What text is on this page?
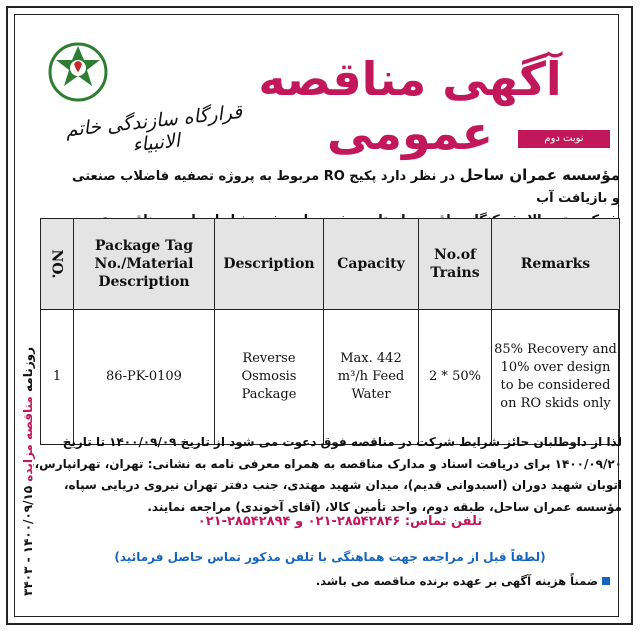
قرارگاه سازندگی خاتم الانبیاء
آگهی مناقصه عمومی	نوبت دوم
مؤسسه عمران ساحل در نظر دارد پکیج RO مربوط به پروژه تصفیه فاضلاب صنعتی و بازیافت آب

NO.	Package Tag No./Material Description	Description	Capacity	No.of Trains	Remarks
1	86-PK-0109	Reverse Osmosis Package	Max. 442 m³/h Feed Water	2 * 50%	85% Recovery and 10% over design to be considered on RO skids only
لذا از داوطلبان حائز شرایط شرکت در مناقصه فوق دعوت می شود از تاریخ ۱۴۰۰/۰۹/۰۹ تا تاریخ ۱۴۰۰/۰۹/۲۰ برای دریافت اسناد و مدارک مناقصه به همراه معرفی نامه به نشانی: تهران، تهرانپارس، اتوبان شهید دوران (اسبدوانی قدیم)، میدان شهید مهتدی، جنب دفتر تهران نیروی دریایی سپاه، مؤسسه عمران ساحل، طبقه دوم، واحد تأمین کالا، (آقای آخوندی) مراجعه نمایند.
تلفن تماس: ۲۸۵۴۲۸۴۶-۰۲۱ و ۲۸۵۴۲۸۹۴-۰۲۱
(لطفاً قبل از مراجعه جهت هماهنگی با تلفن مذکور تماس حاصل فرمائید)
ضمناً هزینه آگهی بر عهده برنده مناقصه می باشد.
روزنامه مناقصه مزایده ۱۴۰۰/۰۹/۱۵ - ۳۴۰۳
